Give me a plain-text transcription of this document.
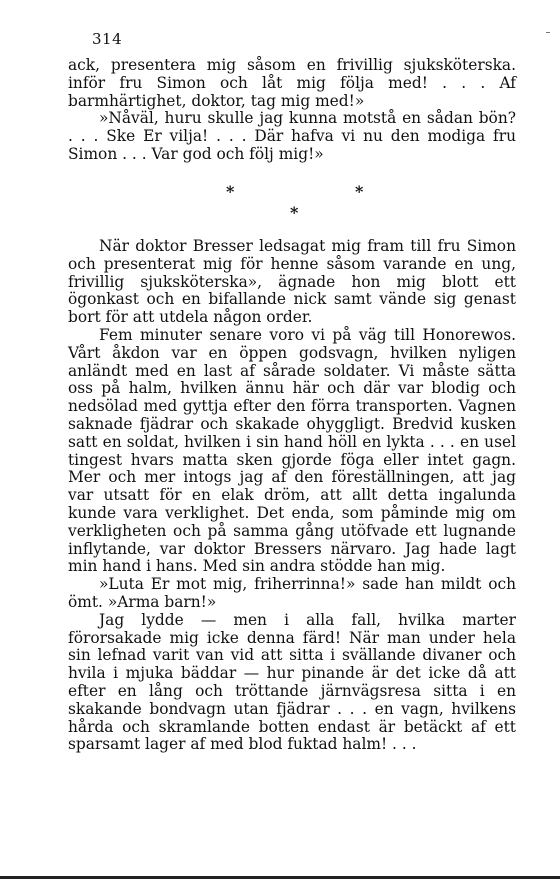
314

ack, presentera mig såsom en frivillig sjuksköterska. inför fru Simon och låt mig följa med! . . . Af barmhärtighet, doktor, tag mig med!»

»Nåväl, huru skulle jag kunna motstå en sådan bön? . . . Ske Er vilja! . . . Där hafva vi nu den modiga fru Simon . . . Var god och följ mig!»

*	*
*

När doktor Bresser ledsagat mig fram till fru Simon och presenterat mig för henne såsom varande en ung, frivillig sjuksköterska», ägnade hon mig blott ett ögonkast och en bifallande nick samt vände sig genast bort för att utdela någon order.

Fem minuter senare voro vi på väg till Honorewos. Vårt åkdon var en öppen godsvagn, hvilken nyligen anländt med en last af sårade soldater. Vi måste sätta oss på halm, hvilken ännu här och där var blodig och nedsölad med gyttja efter den förra transporten. Vagnen saknade fjädrar och skakade ohyggligt. Bredvid kusken satt en soldat, hvilken i sin hand höll en lykta . . . en usel tingest hvars matta sken gjorde föga eller intet gagn. Mer och mer intogs jag af den föreställningen, att jag var utsatt för en elak dröm, att allt detta ingalunda kunde vara verklighet. Det enda, som påminde mig om verkligheten och på samma gång utöfvade ett lugnande inflytande, var doktor Bressers närvaro. Jag hade lagt min hand i hans. Med sin andra stödde han mig.

»Luta Er mot mig, friherrinna!» sade han mildt och ömt. »Arma barn!»

Jag lydde — men i alla fall, hvilka marter förorsakade mig icke denna färd! När man under hela sin lefnad varit van vid att sitta i svällande divaner och hvila i mjuka bäddar — hur pinande är det icke då att efter en lång och tröttande järnvägsresa sitta i en skakande bondvagn utan fjädrar . . . en vagn, hvilkens hårda och skramlande botten endast är betäckt af ett sparsamt lager af med blod fuktad halm! . . .
